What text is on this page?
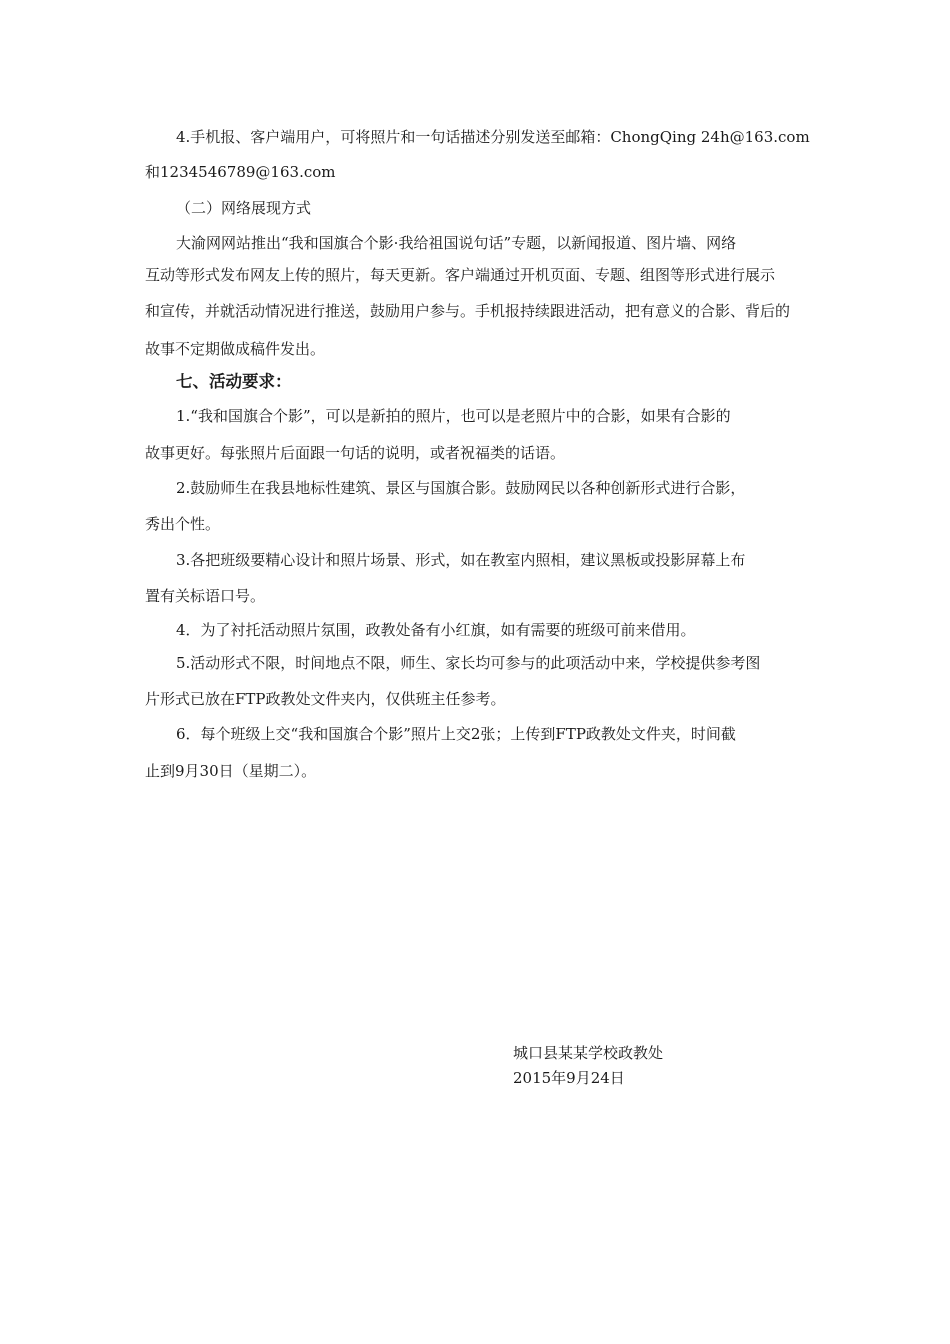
4.手机报、客户端用户，可将照片和一句话描述分别发送至邮箱：ChongQing 24h@163.com
和1234546789@163.com
（二）网络展现方式
大渝网网站推出“我和国旗合个影·我给祖国说句话”专题，以新闻报道、图片墙、网络
互动等形式发布网友上传的照片，每天更新。客户端通过开机页面、专题、组图等形式进行展示
和宣传，并就活动情况进行推送，鼓励用户参与。手机报持续跟进活动，把有意义的合影、背后的
故事不定期做成稿件发出。
七、活动要求：
1.“我和国旗合个影”，可以是新拍的照片，也可以是老照片中的合影，如果有合影的
故事更好。每张照片后面跟一句话的说明，或者祝福类的话语。
2.鼓励师生在我县地标性建筑、景区与国旗合影。鼓励网民以各种创新形式进行合影，
秀出个性。
3.各把班级要精心设计和照片场景、形式，如在教室内照相，建议黑板或投影屏幕上布
置有关标语口号。
4．为了衬托活动照片氛围，政教处备有小红旗，如有需要的班级可前来借用。
5.活动形式不限，时间地点不限，师生、家长均可参与的此项活动中来，学校提供参考图
片形式已放在FTP政教处文件夹内，仅供班主任参考。
6．每个班级上交“我和国旗合个影”照片上交2张；上传到FTP政教处文件夹，时间截
止到9月30日（星期二）。
城口县某某学校政教处
2015年9月24日
